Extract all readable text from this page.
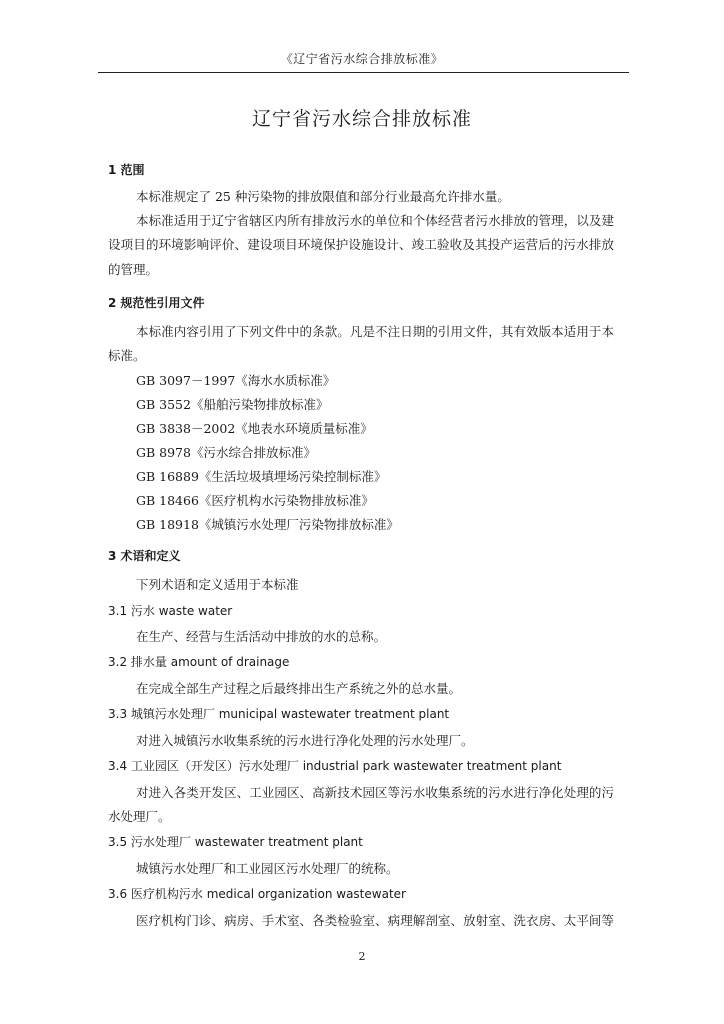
《辽宁省污水综合排放标准》
辽宁省污水综合排放标准
1 范围
本标准规定了 25 种污染物的排放限值和部分行业最高允许排水量。
本标准适用于辽宁省辖区内所有排放污水的单位和个体经营者污水排放的管理，以及建
设项目的环境影响评价、建设项目环境保护设施设计、竣工验收及其投产运营后的污水排放
的管理。
2 规范性引用文件
本标准内容引用了下列文件中的条款。凡是不注日期的引用文件，其有效版本适用于本
标准。
GB 3097－1997《海水水质标准》
GB 3552《船舶污染物排放标准》
GB 3838－2002《地表水环境质量标准》
GB 8978《污水综合排放标准》
GB 16889《生活垃圾填埋场污染控制标准》
GB 18466《医疗机构水污染物排放标准》
GB 18918《城镇污水处理厂污染物排放标准》
3 术语和定义
下列术语和定义适用于本标准
3.1 污水 waste water
在生产、经营与生活活动中排放的水的总称。
3.2 排水量 amount of drainage
在完成全部生产过程之后最终排出生产系统之外的总水量。
3.3 城镇污水处理厂 municipal wastewater treatment plant
对进入城镇污水收集系统的污水进行净化处理的污水处理厂。
3.4 工业园区（开发区）污水处理厂 industrial park wastewater treatment plant
对进入各类开发区、工业园区、高新技术园区等污水收集系统的污水进行净化处理的污
水处理厂。
3.5 污水处理厂 wastewater treatment plant
城镇污水处理厂和工业园区污水处理厂的统称。
3.6 医疗机构污水 medical organization wastewater
医疗机构门诊、病房、手术室、各类检验室、病理解剖室、放射室、洗衣房、太平间等
2
